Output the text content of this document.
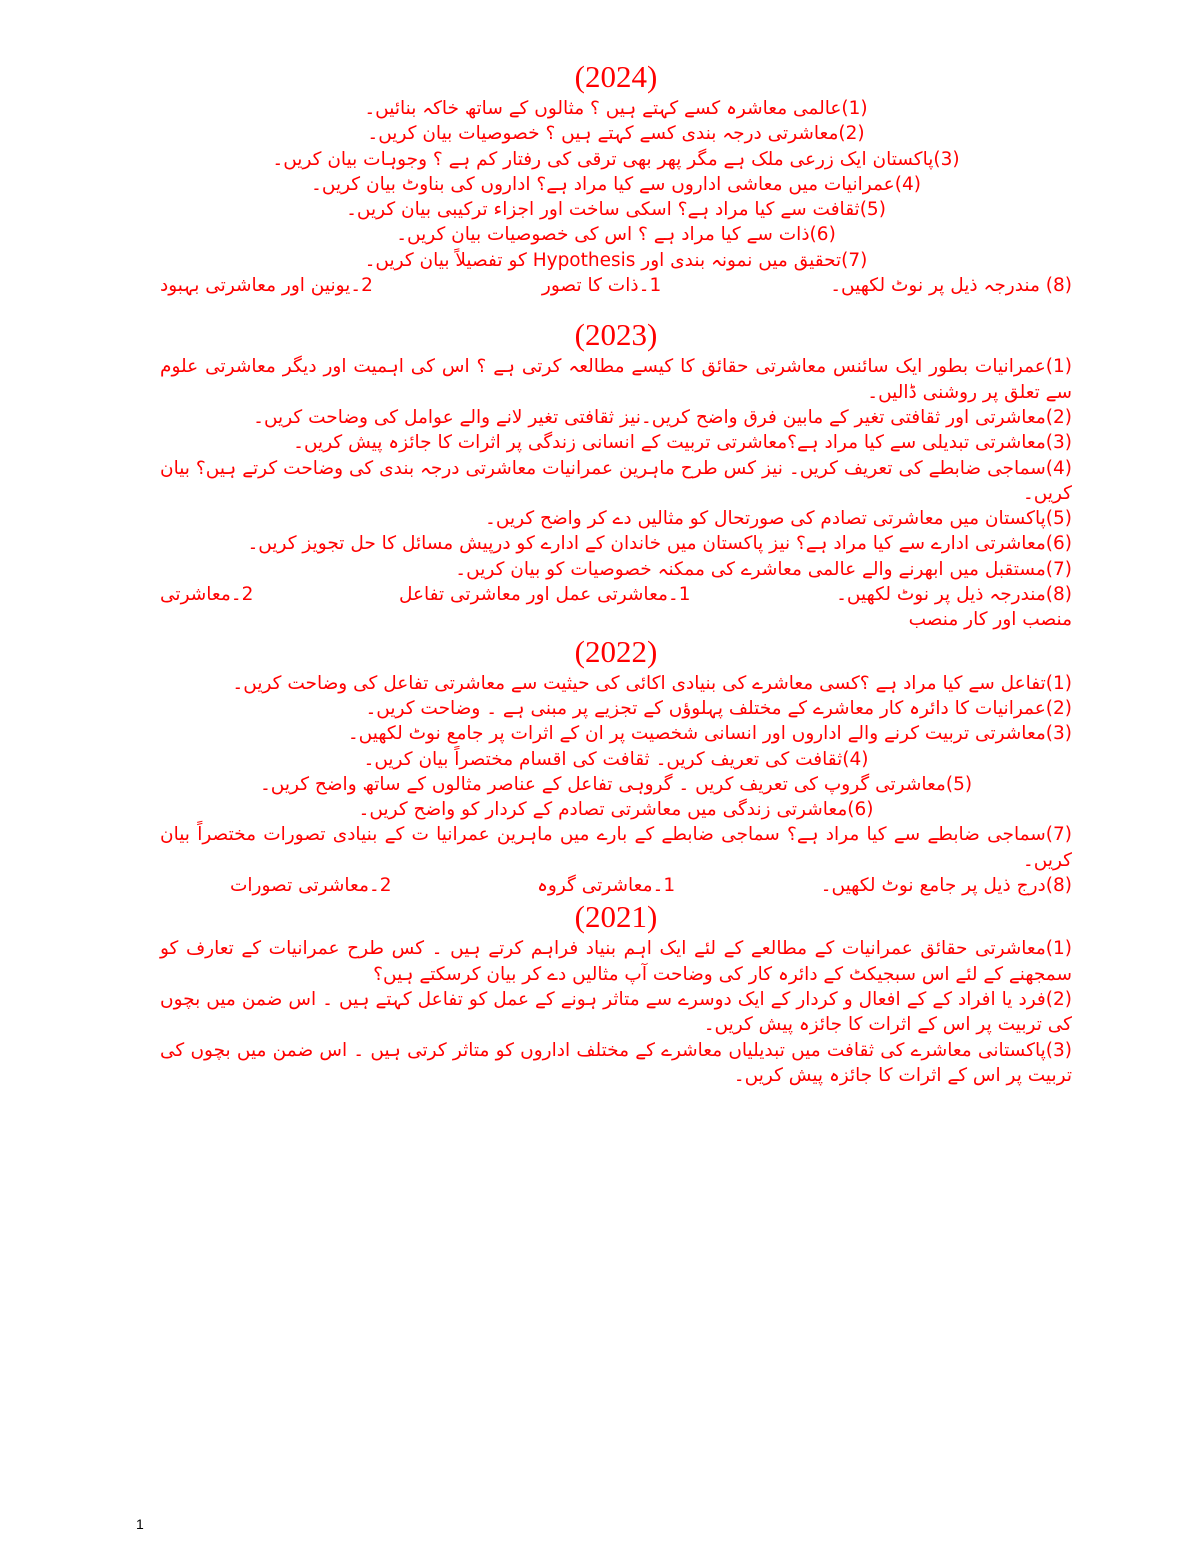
(2024)

(1)عالمی معاشرہ کسے کہتے ہیں ؟ مثالوں کے ساتھ خاکہ بنائیں۔

(2)معاشرتی درجہ بندی کسے کہتے ہیں ؟ خصوصیات بیان کریں۔

(3)پاکستان ایک زرعی ملک ہے مگر پھر بھی ترقی کی رفتار کم ہے ؟ وجوہات بیان کریں۔

(4)عمرانیات میں معاشی اداروں سے کیا مراد ہے؟ اداروں کی بناوٹ بیان کریں۔

(5)ثقافت سے کیا مراد ہے؟ اسکی ساخت اور اجزاء ترکیبی بیان کریں۔

(6)ذات سے کیا مراد ہے ؟ اس کی خصوصیات بیان کریں۔

(7)تحقیق میں نمونہ بندی اور Hypothesis کو تفصیلاً بیان کریں۔

(8) مندرجہ ذیل پر نوٹ لکھیں۔
1۔ذات کا تصور
2۔یونین اور معاشرتی بہبود

(2023)

(1)عمرانیات بطور ایک سائنس معاشرتی حقائق کا کیسے مطالعہ کرتی ہے ؟ اس کی اہمیت اور دیگر معاشرتی علوم سے تعلق پر روشنی ڈالیں۔

(2)معاشرتی اور ثقافتی تغیر کے مابین فرق واضح کریں۔نیز ثقافتی تغیر لانے والے عوامل کی وضاحت کریں۔

(3)معاشرتی تبدیلی سے کیا مراد ہے؟معاشرتی تربیت کے انسانی زندگی پر اثرات کا جائزہ پیش کریں۔

(4)سماجی ضابطے کی تعریف کریں۔ نیز کس طرح ماہرین عمرانیات معاشرتی درجہ بندی کی وضاحت کرتے ہیں؟ بیان کریں۔

(5)پاکستان میں معاشرتی تصادم کی صورتحال کو مثالیں دے کر واضح کریں۔

(6)معاشرتی ادارے سے کیا مراد ہے؟ نیز پاکستان میں خاندان کے ادارے کو درپیش مسائل کا حل تجویز کریں۔

(7)مستقبل میں ابھرنے والے عالمی معاشرے کی ممکنہ خصوصیات کو بیان کریں۔

(8)مندرجہ ذیل پر نوٹ لکھیں۔
1۔معاشرتی عمل اور معاشرتی تفاعل
2۔معاشرتی

منصب اور کار منصب

(2022)

(1)تفاعل سے کیا مراد ہے ؟کسی معاشرے کی بنیادی اکائی کی حیثیت سے معاشرتی تفاعل کی وضاحت کریں۔

(2)عمرانیات کا دائرہ کار معاشرے کے مختلف پہلوؤں کے تجزیے پر مبنی ہے ۔ وضاحت کریں۔

(3)معاشرتی تربیت کرنے والے اداروں اور انسانی شخصیت پر ان کے اثرات پر جامع نوٹ لکھیں۔

(4)ثقافت کی تعریف کریں۔ ثقافت کی اقسام مختصراً بیان کریں۔

(5)معاشرتی گروپ کی تعریف کریں ۔ گروہی تفاعل کے عناصر مثالوں کے ساتھ واضح کریں۔

(6)معاشرتی زندگی میں معاشرتی تصادم کے کردار کو واضح کریں۔

(7)سماجی ضابطے سے کیا مراد ہے؟ سماجی ضابطے کے بارے میں ماہرین عمرانیا ت کے بنیادی تصورات مختصراً بیان کریں۔

(8)درج ذیل پر جامع نوٹ لکھیں۔
1۔معاشرتی گروہ
2۔معاشرتی تصورات

(2021)

(1)معاشرتی حقائق عمرانیات کے مطالعے کے لئے ایک اہم بنیاد فراہم کرتے ہیں ۔ کس طرح عمرانیات کے تعارف کو سمجھنے کے لئے اس سبجیکٹ کے دائرہ کار کی وضاحت آپ مثالیں دے کر بیان کرسکتے ہیں؟

(2)فرد یا افراد کے کے افعال و کردار کے ایک دوسرے سے متاثر ہونے کے عمل کو تفاعل کہتے ہیں ۔ اس ضمن میں بچوں کی تربیت پر اس کے اثرات کا جائزہ پیش کریں۔

(3)پاکستانی معاشرے کی ثقافت میں تبدیلیاں معاشرے کے مختلف اداروں کو متاثر کرتی ہیں ۔ اس ضمن میں بچوں کی تربیت پر اس کے اثرات کا جائزہ پیش کریں۔

1
